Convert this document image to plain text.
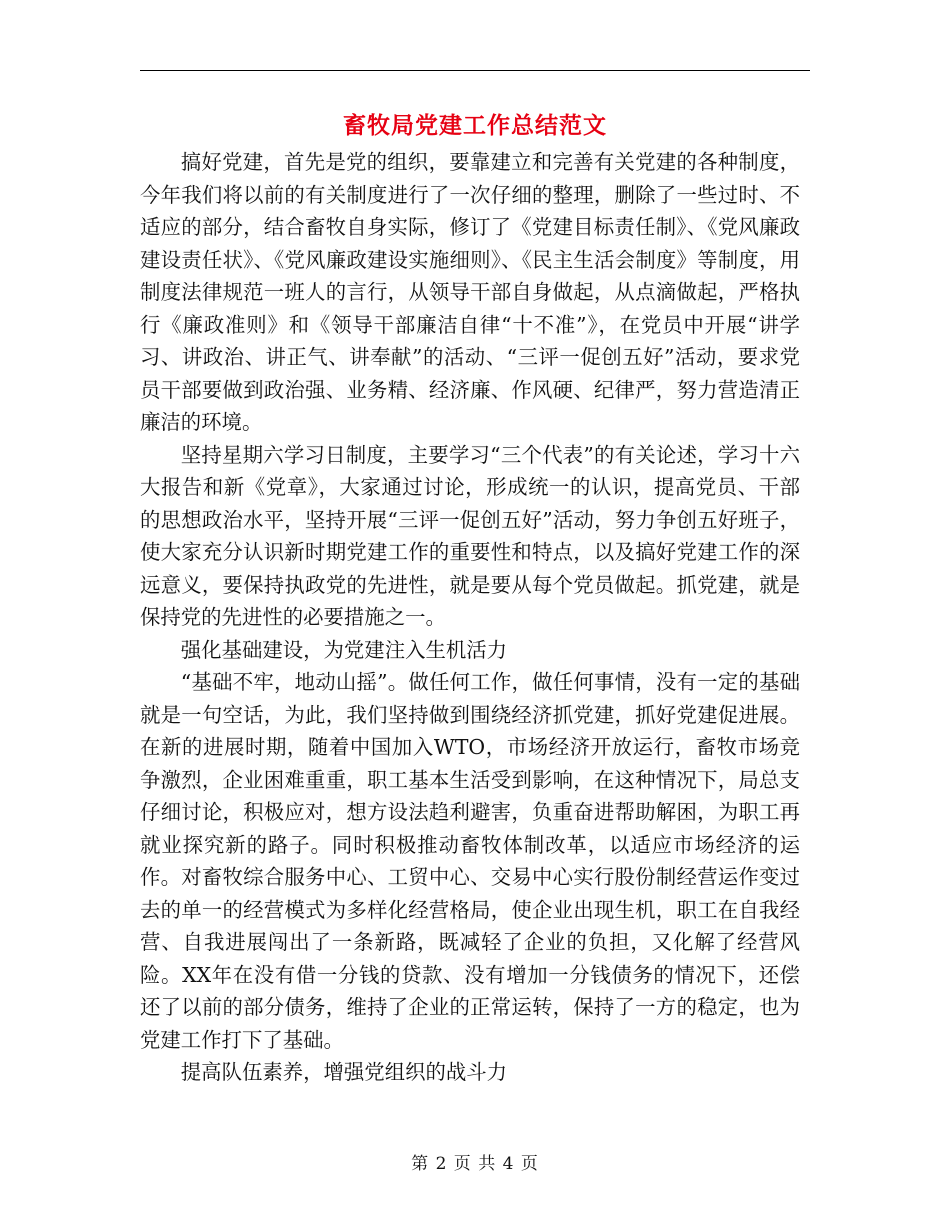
畜牧局党建工作总结范文

搞好党建，首先是党的组织，要靠建立和完善有关党建的各种制度，今年我们将以前的有关制度进行了一次仔细的整理，删除了一些过时、不适应的部分，结合畜牧自身实际，修订了《党建目标责任制》、《党风廉政建设责任状》、《党风廉政建设实施细则》、《民主生活会制度》等制度，用制度法律规范一班人的言行，从领导干部自身做起，从点滴做起，严格执行《廉政准则》和《领导干部廉洁自律“十不准”》，在党员中开展“讲学习、讲政治、讲正气、讲奉献”的活动、“三评一促创五好”活动，要求党员干部要做到政治强、业务精、经济廉、作风硬、纪律严，努力营造清正廉洁的环境。

坚持星期六学习日制度，主要学习“三个代表”的有关论述，学习十六大报告和新《党章》，大家通过讨论，形成统一的认识，提高党员、干部的思想政治水平，坚持开展“三评一促创五好”活动，努力争创五好班子，使大家充分认识新时期党建工作的重要性和特点，以及搞好党建工作的深远意义，要保持执政党的先进性，就是要从每个党员做起。抓党建，就是保持党的先进性的必要措施之一。

强化基础建设，为党建注入生机活力

“基础不牢，地动山摇”。做任何工作，做任何事情，没有一定的基础就是一句空话，为此，我们坚持做到围绕经济抓党建，抓好党建促进展。在新的进展时期，随着中国加入WTO，市场经济开放运行，畜牧市场竞争激烈，企业困难重重，职工基本生活受到影响，在这种情况下，局总支仔细讨论，积极应对，想方设法趋利避害，负重奋进帮助解困，为职工再就业探究新的路子。同时积极推动畜牧体制改革，以适应市场经济的运作。对畜牧综合服务中心、工贸中心、交易中心实行股份制经营运作变过去的单一的经营模式为多样化经营格局，使企业出现生机，职工在自我经营、自我进展闯出了一条新路，既减轻了企业的负担，又化解了经营风险。XX年在没有借一分钱的贷款、没有增加一分钱债务的情况下，还偿还了以前的部分债务，维持了企业的正常运转，保持了一方的稳定，也为党建工作打下了基础。

提高队伍素养，增强党组织的战斗力

第 2 页 共 4 页
